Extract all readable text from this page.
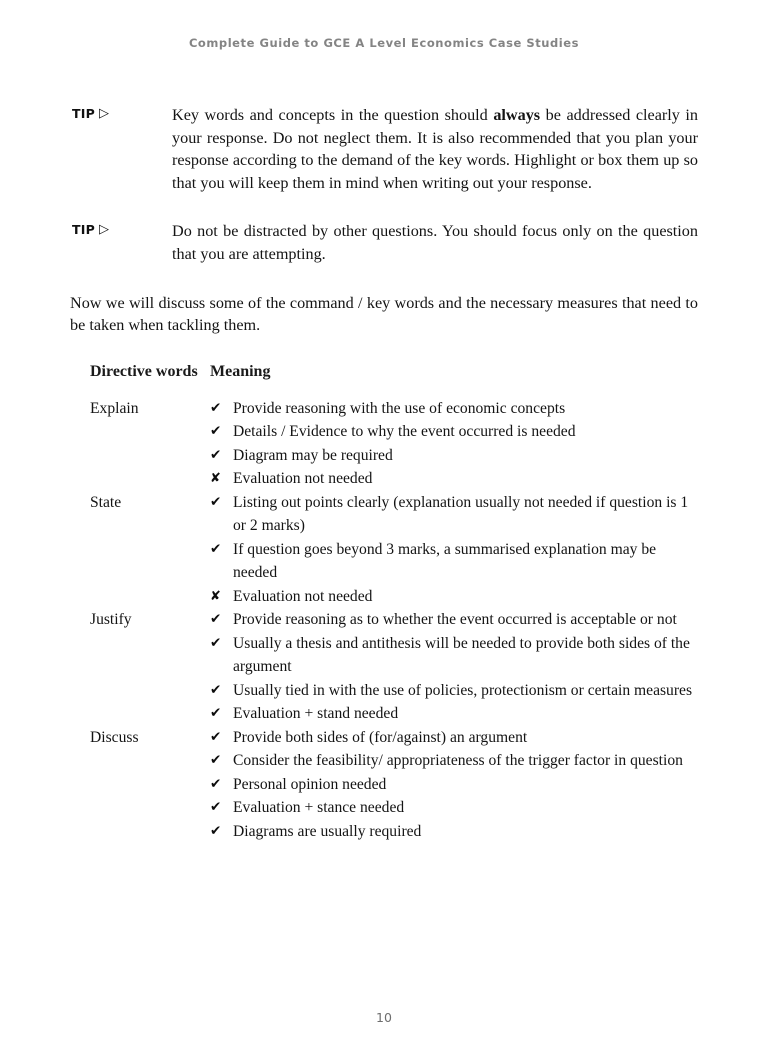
Complete Guide to GCE A Level Economics Case Studies
TIP ▷	Key words and concepts in the question should always be addressed clearly in your response. Do not neglect them. It is also recommended that you plan your response according to the demand of the key words. Highlight or box them up so that you will keep them in mind when writing out your response.
TIP ▷	Do not be distracted by other questions. You should focus only on the question that you are attempting.
Now we will discuss some of the command / key words and the necessary measures that need to be taken when tackling them.
Directive words Meaning
Explain	✔ Provide reasoning with the use of economic concepts
✔ Details / Evidence to why the event occurred is needed
✔ Diagram may be required
✘ Evaluation not needed
State	✔ Listing out points clearly (explanation usually not needed if question is 1 or 2 marks)
✔ If question goes beyond 3 marks, a summarised explanation may be needed
✘ Evaluation not needed
Justify	✔ Provide reasoning as to whether the event occurred is acceptable or not
✔ Usually a thesis and antithesis will be needed to provide both sides of the argument
✔ Usually tied in with the use of policies, protectionism or certain measures
✔ Evaluation + stand needed
Discuss	✔ Provide both sides of (for/against) an argument
✔ Consider the feasibility/ appropriateness of the trigger factor in question
✔ Personal opinion needed
✔ Evaluation + stance needed
✔ Diagrams are usually required
10
